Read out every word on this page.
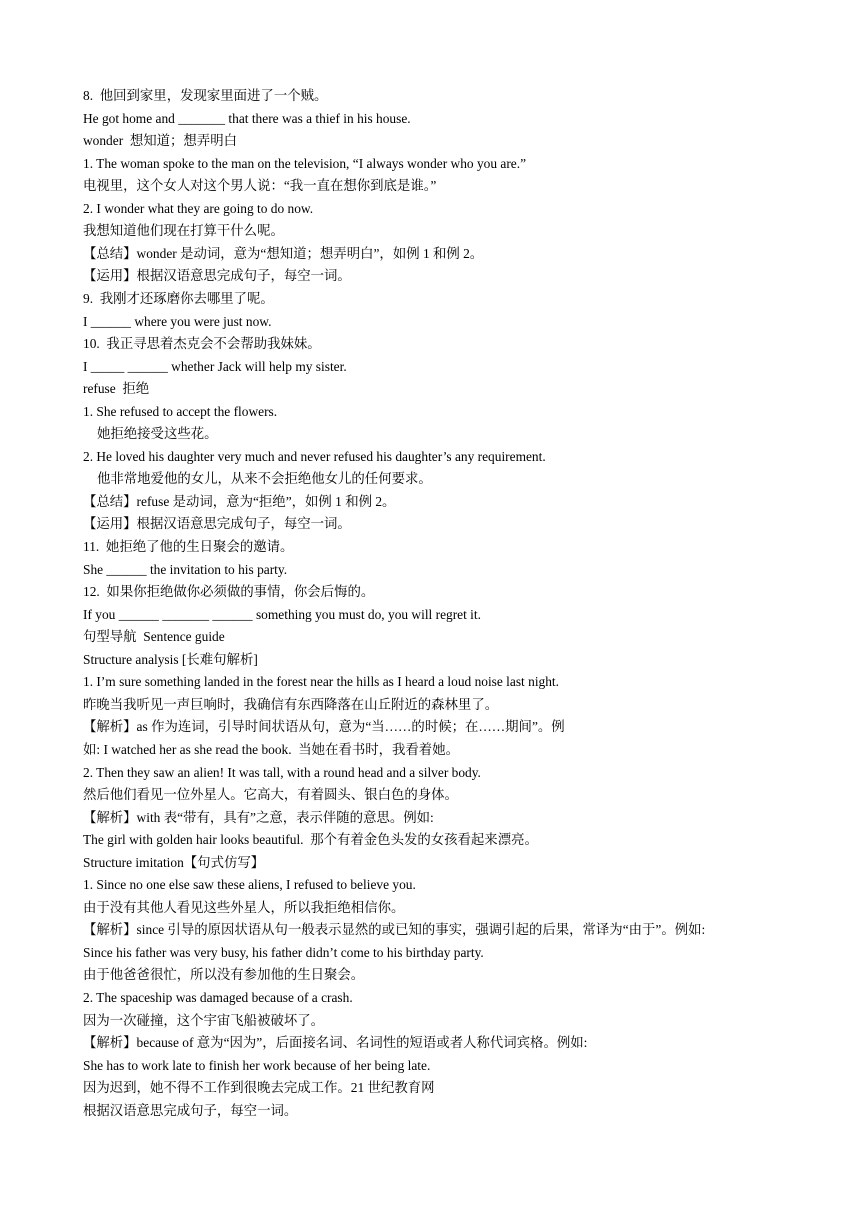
8.  他回到家里，发现家里面进了一个贼。
He got home and _______ that there was a thief in his house.
wonder  想知道；想弄明白
1. The woman spoke to the man on the television, “I always wonder who you are.”
电视里，这个女人对这个男人说：“我一直在想你到底是谁。”
2. I wonder what they are going to do now.
我想知道他们现在打算干什么呢。
【总结】wonder 是动词，意为“想知道；想弄明白”，如例 1 和例 2。
【运用】根据汉语意思完成句子，每空一词。
9.  我刚才还琢磨你去哪里了呢。
I ______ where you were just now.
10.  我正寻思着杰克会不会帮助我妹妹。
I _____ ______ whether Jack will help my sister.
refuse  拒绝
1. She refused to accept the flowers.
她拒绝接受这些花。
2. He loved his daughter very much and never refused his daughter’s any requirement.
他非常地爱他的女儿，从来不会拒绝他女儿的任何要求。
【总结】refuse 是动词，意为“拒绝”，如例 1 和例 2。
【运用】根据汉语意思完成句子，每空一词。
11.  她拒绝了他的生日聚会的邀请。
She ______ the invitation to his party.
12.  如果你拒绝做你必须做的事情，你会后悔的。
If you ______ _______ ______ something you must do, you will regret it.
句型导航  Sentence guide
Structure analysis [长难句解析]
1. I’m sure something landed in the forest near the hills as I heard a loud noise last night.
昨晚当我听见一声巨响时，我确信有东西降落在山丘附近的森林里了。
【解析】as 作为连词，引导时间状语从句，意为“当……的时候；在……期间”。例
如: I watched her as she read the book.  当她在看书时，我看着她。
2. Then they saw an alien! It was tall, with a round head and a silver body.
然后他们看见一位外星人。它高大，有着圆头、银白色的身体。
【解析】with 表“带有，具有”之意，表示伴随的意思。例如:
The girl with golden hair looks beautiful.  那个有着金色头发的女孩看起来漂亮。
Structure imitation【句式仿写】
1. Since no one else saw these aliens, I refused to believe you.
由于没有其他人看见这些外星人，所以我拒绝相信你。
【解析】since 引导的原因状语从句一般表示显然的或已知的事实，强调引起的后果，常译为“由于”。例如:
Since his father was very busy, his father didn’t come to his birthday party.
由于他爸爸很忙，所以没有参加他的生日聚会。
2. The spaceship was damaged because of a crash.
因为一次碰撞，这个宇宙飞船被破坏了。
【解析】because of 意为“因为”，后面接名词、名词性的短语或者人称代词宾格。例如:
She has to work late to finish her work because of her being late.
因为迟到，她不得不工作到很晚去完成工作。21 世纪教育网
根据汉语意思完成句子，每空一词。
